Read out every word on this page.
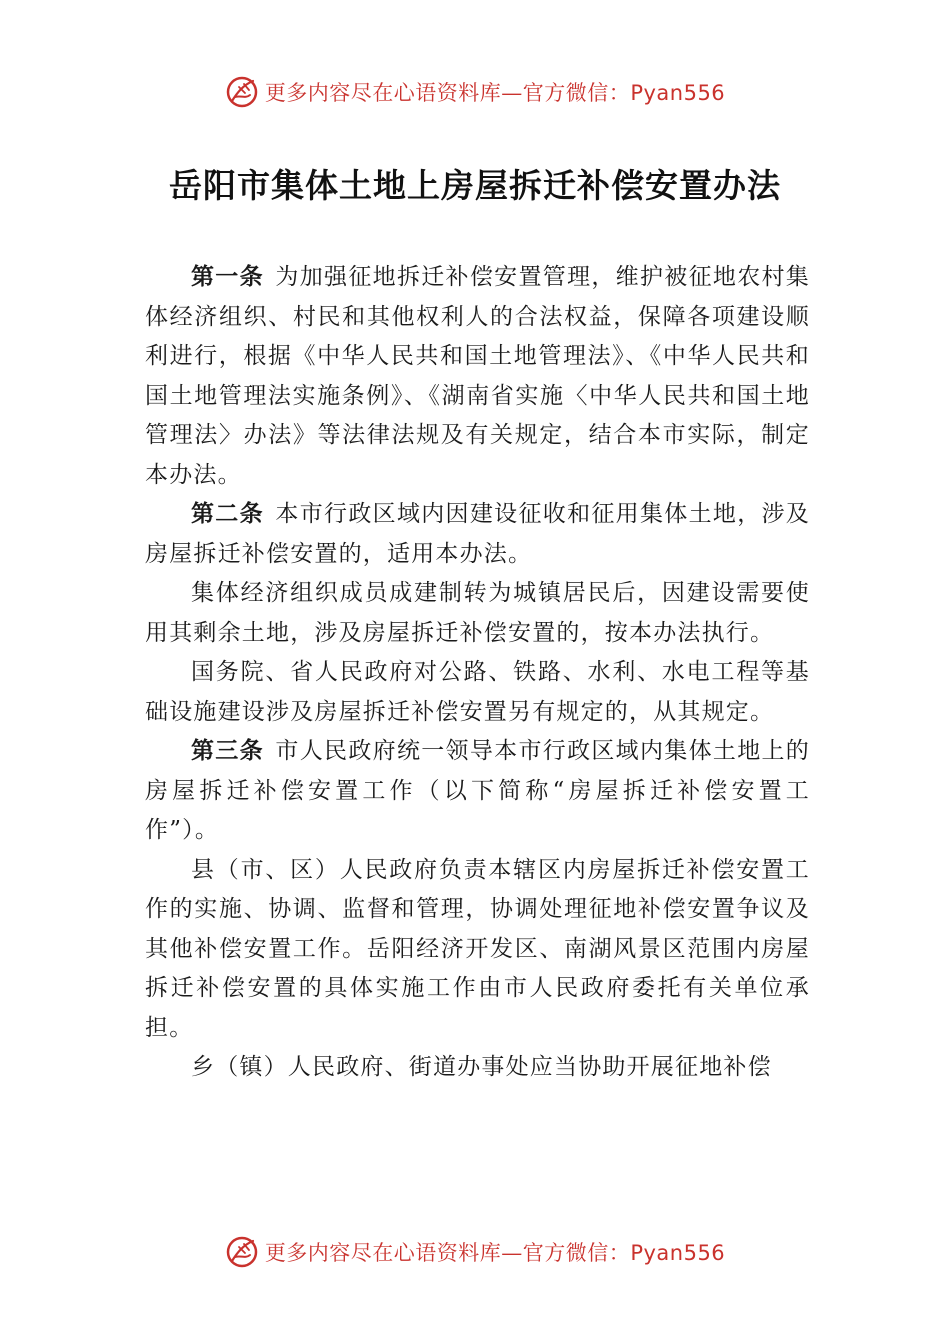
更多内容尽在心语资料库—官方微信：Pyan556
岳阳市集体土地上房屋拆迁补偿安置办法

第一条 为加强征地拆迁补偿安置管理，维护被征地农村集体经济组织、村民和其他权利人的合法权益，保障各项建设顺利进行，根据《中华人民共和国土地管理法》、《中华人民共和国土地管理法实施条例》、《湖南省实施〈中华人民共和国土地管理法〉办法》等法律法规及有关规定，结合本市实际，制定本办法。

第二条 本市行政区域内因建设征收和征用集体土地，涉及房屋拆迁补偿安置的，适用本办法。

集体经济组织成员成建制转为城镇居民后，因建设需要使用其剩余土地，涉及房屋拆迁补偿安置的，按本办法执行。

国务院、省人民政府对公路、铁路、水利、水电工程等基础设施建设涉及房屋拆迁补偿安置另有规定的，从其规定。

第三条 市人民政府统一领导本市行政区域内集体土地上的房屋拆迁补偿安置工作（以下简称“房屋拆迁补偿安置工作”）。

县（市、区）人民政府负责本辖区内房屋拆迁补偿安置工作的实施、协调、监督和管理，协调处理征地补偿安置争议及其他补偿安置工作。岳阳经济开发区、南湖风景区范围内房屋拆迁补偿安置的具体实施工作由市人民政府委托有关单位承担。

乡（镇）人民政府、街道办事处应当协助开展征地补偿

更多内容尽在心语资料库—官方微信：Pyan556
